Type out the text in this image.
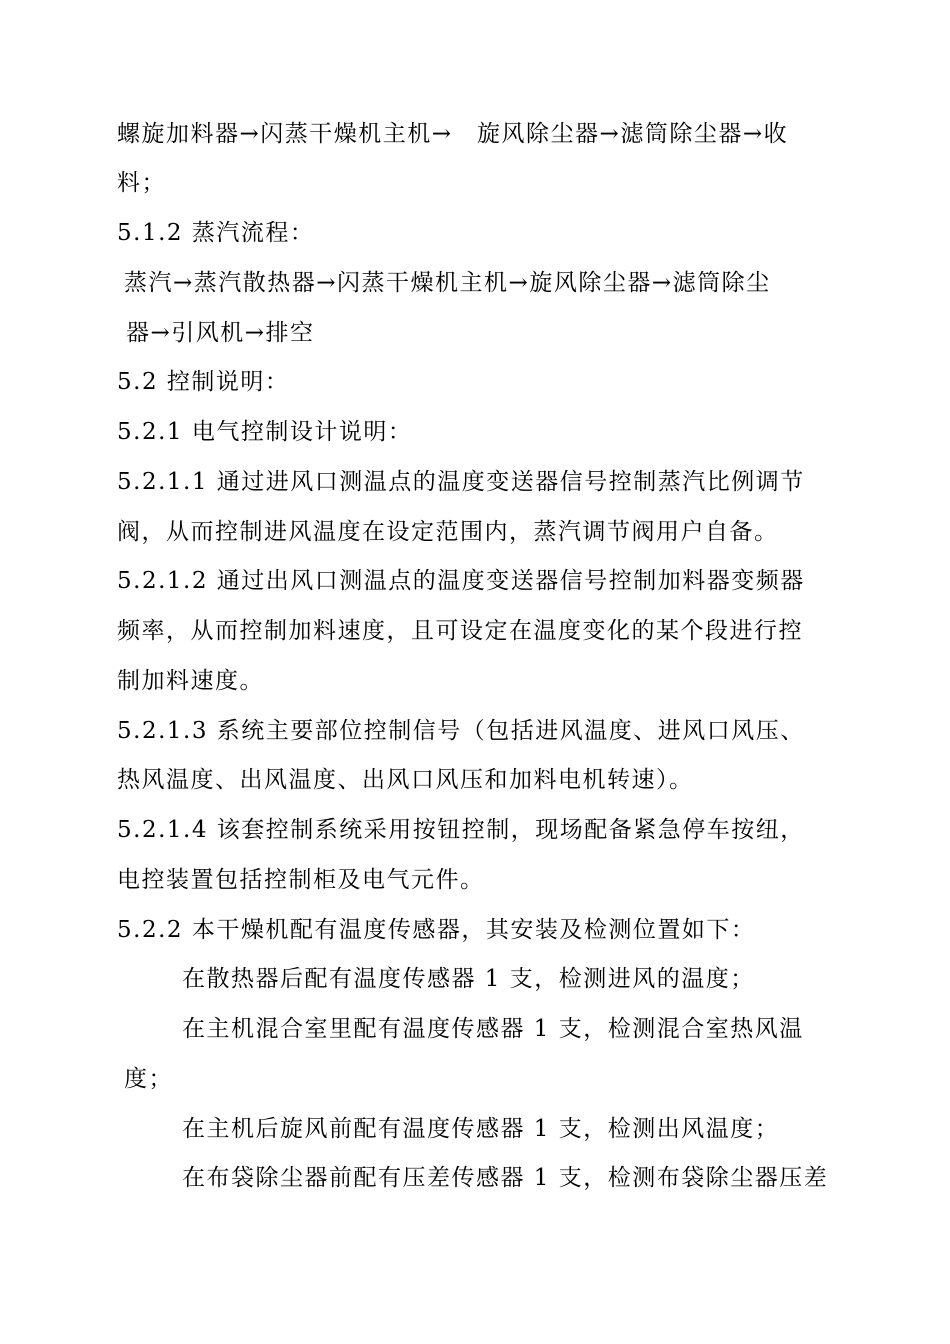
螺旋加料器→闪蒸干燥机主机→　旋风除尘器→滤筒除尘器→收
料；
5.1.2 蒸汽流程：
蒸汽→蒸汽散热器→闪蒸干燥机主机→旋风除尘器→滤筒除尘
器→引风机→排空
5.2 控制说明：
5.2.1 电气控制设计说明：
5.2.1.1 通过进风口测温点的温度变送器信号控制蒸汽比例调节
阀，从而控制进风温度在设定范围内，蒸汽调节阀用户自备。
5.2.1.2 通过出风口测温点的温度变送器信号控制加料器变频器
频率，从而控制加料速度，且可设定在温度变化的某个段进行控
制加料速度。
5.2.1.3 系统主要部位控制信号（包括进风温度、进风口风压、
热风温度、出风温度、出风口风压和加料电机转速）。
5.2.1.4 该套控制系统采用按钮控制，现场配备紧急停车按纽，
电控装置包括控制柜及电气元件。
5.2.2 本干燥机配有温度传感器，其安装及检测位置如下：
在散热器后配有温度传感器 1 支，检测进风的温度；
在主机混合室里配有温度传感器 1 支，检测混合室热风温
度；
在主机后旋风前配有温度传感器 1 支，检测出风温度；
在布袋除尘器前配有压差传感器 1 支，检测布袋除尘器压差
